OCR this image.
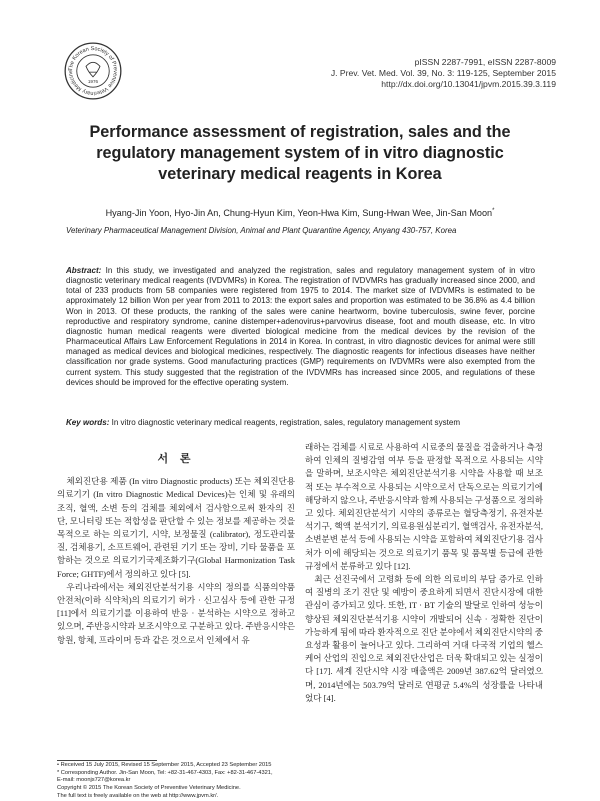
The Korean Society of Preventive Veterinary Medicine
1976
pISSN 2287-7991, eISSN 2287-8009
J. Prev. Vet. Med. Vol. 39, No. 3: 119-125, September 2015
http://dx.doi.org/10.13041/jpvm.2015.39.3.119
Performance assessment of registration, sales and the regulatory management system of in vitro diagnostic veterinary medical reagents in Korea
Hyang-Jin Yoon, Hyo-Jin An, Chung-Hyun Kim, Yeon-Hwa Kim, Sung-Hwan Wee, Jin-San Moon*
Veterinary Pharmaceutical Management Division, Animal and Plant Quarantine Agency, Anyang 430-757, Korea
Abstract: In this study, we investigated and analyzed the registration, sales and regulatory management system of in vitro diagnostic veterinary medical reagents (IVDVMRs) in Korea. The registration of IVDVMRs has gradually increased since 2000, and total of 233 products from 58 companies were registered from 1975 to 2014. The market size of IVDVMRs is estimated to be approximately 12 billion Won per year from 2011 to 2013: the export sales and proportion was estimated to be 36.8% as 4.4 billion Won in 2013. Of these products, the ranking of the sales were canine heartworm, bovine tuberculosis, swine fever, porcine reproductive and respiratory syndrome, canine distemper+adenovirus+parvovirus disease, foot and mouth disease, etc. In vitro diagnostic human medical reagents were diverted biological medicine from the medical devices by the revision of the Pharmaceutical Affairs Law Enforcement Regulations in 2014 in Korea. In contrast, in vitro diagnostic devices for animal were still managed as medical devices and biological medicines, respectively. The diagnostic reagents for infectious diseases have neither classification nor grade systems. Good manufacturing practices (GMP) requirements on IVDVMRs were also exempted from the current system. This study suggested that the registration of the IVDVMRs has increased since 2005, and regulations of these devices should be improved for the effective operating system.
Key words: In vitro diagnostic veterinary medical reagents, registration, sales, regulatory management system
서 론

체외진단용 제품 (In vitro Diagnostic products) 또는 체외진단용 의료기기 (In vitro Diagnostic Medical Devices)는 인체 및 유래의 조직, 혈액, 소변 등의 검체를 체외에서 검사함으로써 환자의 진단, 모니터링 또는 적합성을 판단할 수 있는 정보를 제공하는 것을 목적으로 하는 의료기기, 시약, 보정물질 (calibrator), 정도관리물질, 검체용기, 소프트웨어, 관련된 기기 또는 장비, 기타 물품을 포함하는 것으로 의료기기국제조화기구(Global Harmonization Task Force; GHTF)에서 정의하고 있다 [5].

우리나라에서는 체외진단분석기용 시약의 정의를 식품의약품안전처(이하 식약처)의 의료기기 허가 · 신고심사 등에 관한 규정 [11]에서 의료기기를 이용하여 반응 · 분석하는 시약으로 정하고 있으며, 주반응시약과 보조시약으로 구분하고 있다. 주반응시약은 항원, 항체, 프라이머 등과 같은 것으로서 인체에서 유

래하는 검체를 시료로 사용하여 시료중의 물질을 검출하거나 측정하여 인체의 질병감염 여부 등을 판정할 목적으로 사용되는 시약을 말하며, 보조시약은 체외진단분석기용 시약을 사용할 때 보조적 또는 부수적으로 사용되는 시약으로서 단독으로는 의료기기에 해당하지 않으나, 주반응시약과 함께 사용되는 구성품으로 정의하고 있다. 체외진단분석기 시약의 종류로는 혈당측정기, 유전자분석기구, 핵액 분석기기, 의료용원심분리기, 혈액검사, 유전자분석, 소변분변 분석 등에 사용되는 시약을 포함하여 체외진단기용 검사처가 이에 해당되는 것으로 의료기기 품목 및 품목별 등급에 관한 규정에서 분류하고 있다 [12].

최근 선진국에서 고령화 등에 의한 의료비의 부담 증가로 인하여 질병의 조기 진단 및 예방이 중요하게 되면서 진단시장에 대한 관심이 증가되고 있다. 또한, IT · BT 기술의 발달로 인하여 성능이 향상된 체외진단분석기용 시약이 개발되어 신속 · 정확한 진단이 가능하게 됨에 따라 환자적으로 진단 분야에서 체외진단시약의 중요성과 활용이 늘어나고 있다. 그리하여 거대 다국적 기업의 헬스케어 산업의 진입으로 체외진단산업은 더욱 확대되고 있는 실정이다 [17]. 세계 진단시약 시장 매출액은 2009년 387.62억 달러였으며, 2014년에는 503.79억 달러로 연평균 5.4%의 성장률을 나타내었다 [4].

• Received 15 July 2015, Revised 15 September 2015, Accepted 23 September 2015
* Corresponding Author. Jin-San Moon, Tel: +82-31-467-4303, Fax: +82-31-467-4321,
E-mail: moonjs727@korea.kr
Copyright © 2015 The Korean Society of Preventive Veterinary Medicine.
The full text is freely available on the web at http://www.jpvm.kr/.
